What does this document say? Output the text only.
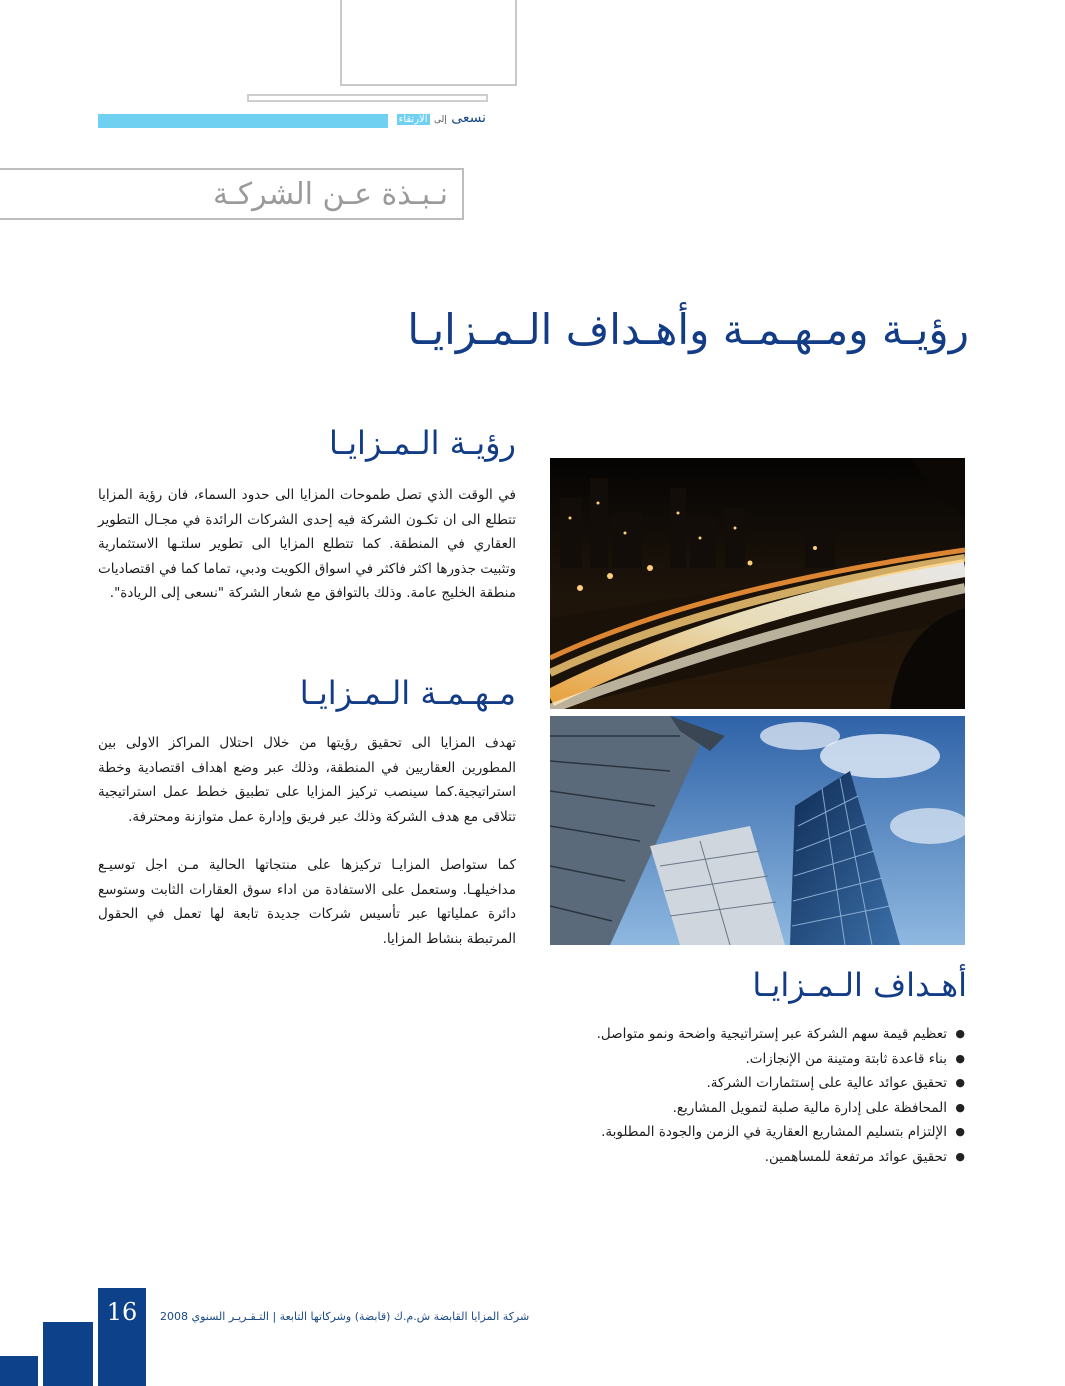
نسعى إلى الارتقاء
نـبـذة عـن الشركـة
رؤيـة ومـهـمـة وأهـداف الـمـزايـا
رؤيـة الـمـزايـا
في الوقت الذي تصل طموحات المزايا الى حدود السماء، فان رؤية المزايا تتطلع الى ان تكـون الشركة فيه إحدى الشركات الرائدة في مجـال التطوير العقاري في المنطقة. كما تتطلع المزايا الى تطوير سلتـها الاستثمارية وتثبيت جذورها اكثر فاكثر في اسواق الكويت ودبي، تماما كما في اقتصاديات منطقة الخليج عامة. وذلك بالتوافق مع شعار الشركة "نسعى إلى الريادة".
مـهـمـة الـمـزايـا
تهدف المزايا الى تحقيق رؤيتها من خلال احتلال المراكز الاولى بين المطورين العقاريين في المنطقة، وذلك عبر وضع اهداف اقتصادية وخطة استراتيجية.كما سينصب تركيز المزايا على تطبيق خطط عمل استراتيجية تتلاقى مع هدف الشركة وذلك عبر فريق وإدارة عمل متوازنة ومحترفة.
كما ستواصل المزايـا تركيزها على منتجاتها الحالية مـن اجل توسيـع مداخيلهـا. وستعمل على الاستفادة من اداء سوق العقارات الثابت وستوسع دائرة عملياتها عبر تأسيس شركات جديدة تابعة لها تعمل في الحقول المرتبطة بنشاط المزايا.
أهـداف الـمـزايـا
● تعظيم قيمة سهم الشركة عبر إستراتيجية واضحة ونمو متواصل.
● بناء قاعدة ثابتة ومتينة من الإنجازات.
● تحقيق عوائد عالية على إستثمارات الشركة.
● المحافظة على إدارة مالية صلبة لتمويل المشاريع.
● الإلتزام بتسليم المشاريع العقارية في الزمن والجودة المطلوبة.
● تحقيق عوائد مرتفعة للمساهمين.
16	شركة المزايا القابضة ش.م.ك (قابضة) وشركاتها التابعة | التـقـريـر السنوي 2008
